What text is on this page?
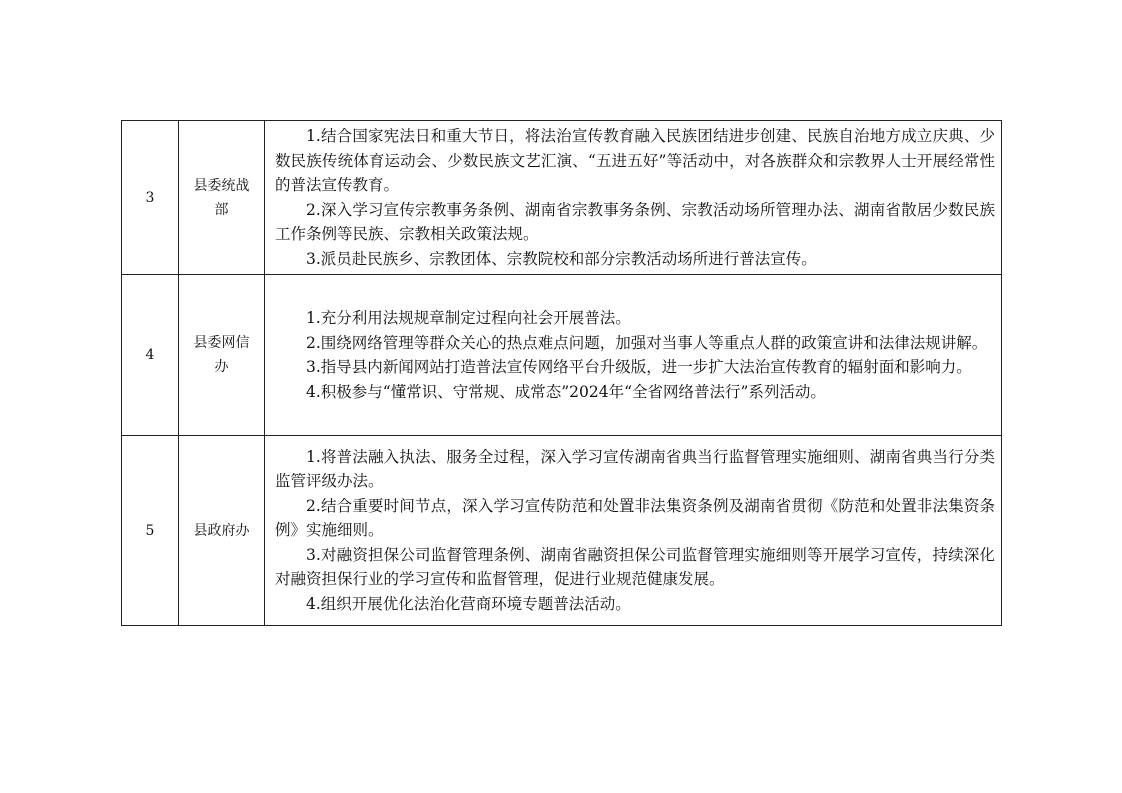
3	县委统战部	1.结合国家宪法日和重大节日，将法治宣传教育融入民族团结进步创建、民族自治地方成立庆典、少数民族传统体育运动会、少数民族文艺汇演、“五进五好”等活动中，对各族群众和宗教界人士开展经常性的普法宣传教育。

2.深入学习宣传宗教事务条例、湖南省宗教事务条例、宗教活动场所管理办法、湖南省散居少数民族工作条例等民族、宗教相关政策法规。

3.派员赴民族乡、宗教团体、宗教院校和部分宗教活动场所进行普法宣传。

4	县委网信办	1.充分利用法规规章制定过程向社会开展普法。

2.围绕网络管理等群众关心的热点难点问题，加强对当事人等重点人群的政策宣讲和法律法规讲解。

3.指导县内新闻网站打造普法宣传网络平台升级版，进一步扩大法治宣传教育的辐射面和影响力。

4.积极参与“懂常识、守常规、成常态”2024年“全省网络普法行”系列活动。

5	县政府办	1.将普法融入执法、服务全过程，深入学习宣传湖南省典当行监督管理实施细则、湖南省典当行分类监管评级办法。

2.结合重要时间节点，深入学习宣传防范和处置非法集资条例及湖南省贯彻《防范和处置非法集资条例》实施细则。

3.对融资担保公司监督管理条例、湖南省融资担保公司监督管理实施细则等开展学习宣传，持续深化对融资担保行业的学习宣传和监督管理，促进行业规范健康发展。

4.组织开展优化法治化营商环境专题普法活动。
